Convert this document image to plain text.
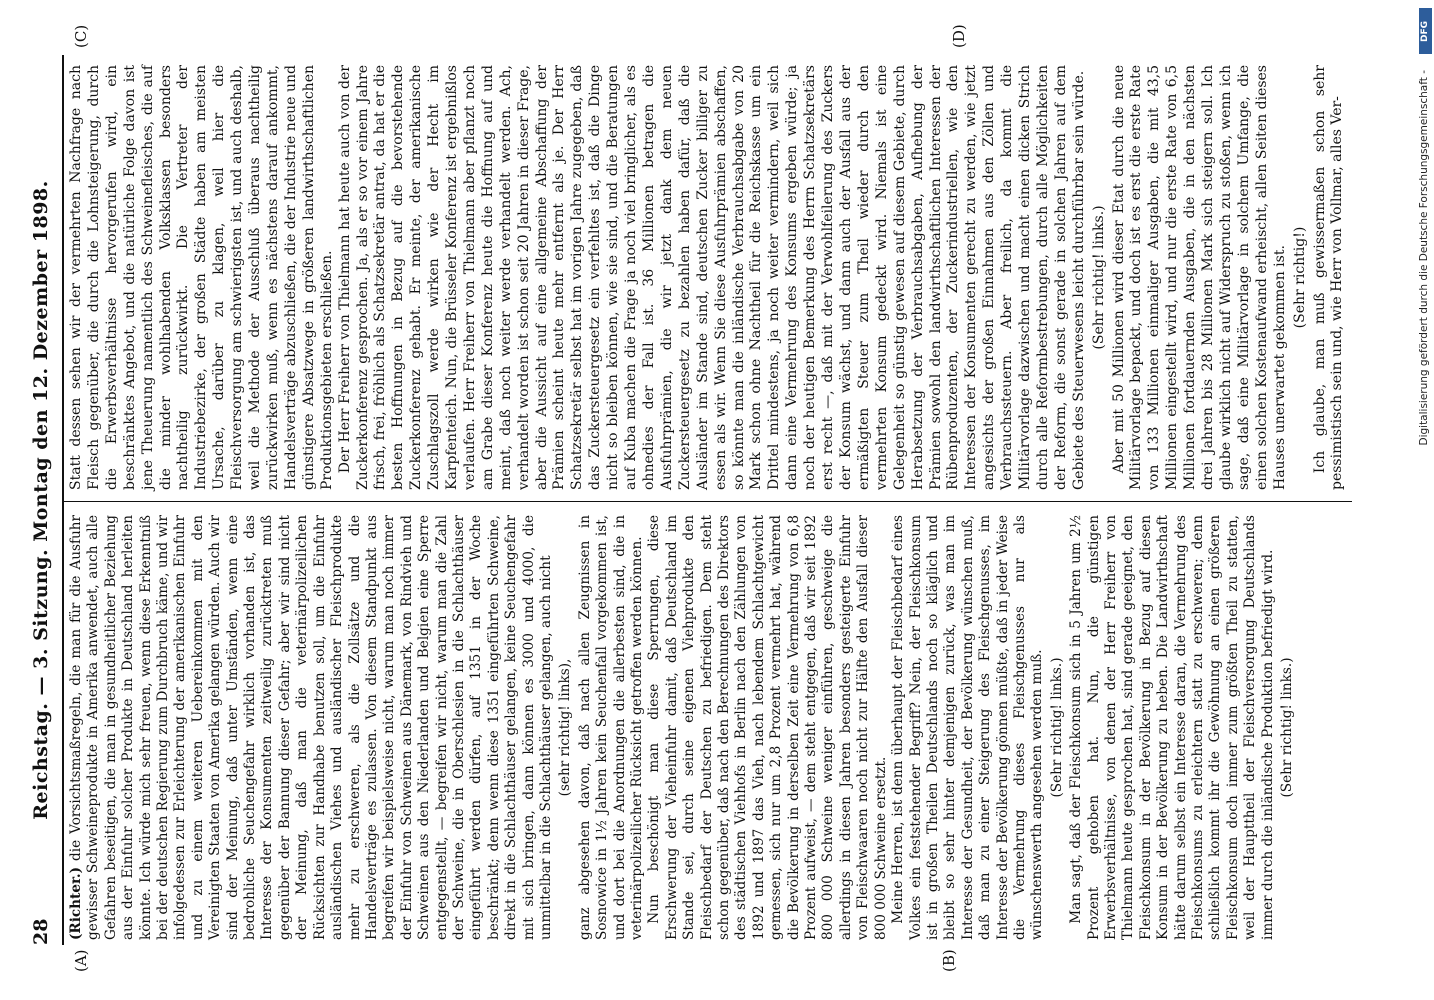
28
Reichstag. — 3. Sitzung. Montag den 12. Dezember 1898.
(A)	(B)
(C)	(D)

(Richter.) die Vorsichtsmaßregeln, die man für die Ausfuhr gewisser Schweineprodukte in Amerika anwendet, auch alle Gefahren beseitigen, die man in gesundheitlicher Beziehung aus der Einfuhr solcher Produkte in Deutschland herleiten könnte. Ich würde mich sehr freuen, wenn diese Erkenntniß bei der deutschen Regierung zum Durchbruch käme, und wir infolgedessen zur Erleichterung der amerikanischen Einfuhr und zu einem weiteren Uebereinkommen mit den Vereinigten Staaten von Amerika gelangen würden. Auch wir sind der Meinung, daß unter Umständen, wenn eine bedrohliche Seuchengefahr wirklich vorhanden ist, das Interesse der Konsumenten zeitweilig zurücktreten muß gegenüber der Bannung dieser Gefahr; aber wir sind nicht der Meinung, daß man die veterinärpolizeilichen Rücksichten zur Handhabe benutzen soll, um die Einfuhr ausländischen Viehes und ausländischer Fleischprodukte mehr zu erschweren, als die Zollsätze und die Handelsverträge es zulassen. Von diesem Standpunkt aus begreifen wir beispielsweise nicht, warum man noch immer der Einfuhr von Schweinen aus Dänemark, von Rindvieh und Schweinen aus den Niederlanden und Belgien eine Sperre entgegenstellt, — begreifen wir nicht, warum man die Zahl der Schweine, die in Oberschlesien in die Schlachthäuser eingeführt werden dürfen, auf 1351 in der Woche beschränkt; denn wenn diese 1351 eingeführten Schweine, direkt in die Schlachthäuser gelangen, keine Seuchengefahr mit sich bringen, dann können es 3000 und 4000, die unmittelbar in die Schlachthäuser gelangen, auch nicht (sehr richtig! links), ganz abgesehen davon, daß nach allen Zeugnissen in Sosnowice in 1½ Jahren kein Seuchenfall vorgekommen ist, und dort bei die Anordnungen die allerbesten sind, die in veterinärpolizeilicher Rücksicht getroffen werden können. Nun beschönigt man diese Sperrungen, diese Erschwerung der Vieheinfuhr damit, daß Deutschland im Stande sei, durch seine eigenen Viehprodukte den Fleischbedarf der Deutschen zu befriedigen. Dem steht schon gegenüber, daß nach den Berechnungen des Direktors des städtischen Viehhofs in Berlin nach den Zählungen von 1892 und 1897 das Vieh, nach lebendem Schlachtgewicht gemessen, sich nur um 2,8 Prozent vermehrt hat, während die Bevölkerung in derselben Zeit eine Vermehrung von 6,8 Prozent aufweist, — dem steht entgegen, daß wir seit 1892 800 000 Schweine weniger einführen, geschweige die allerdings in diesen Jahren besonders gesteigerte Einfuhr von Fleischwaaren noch nicht zur Hälfte den Ausfall dieser 800 000 Schweine ersetzt. Meine Herren, ist denn überhaupt der Fleischbedarf eines Volkes ein feststehender Begriff? Nein, der Fleischkonsum ist in großen Theilen Deutschlands noch so kläglich und bleibt so sehr hinter demjenigen zurück, was man im Interesse der Gesundheit, der Bevölkerung wünschen muß, daß man zu einer Steigerung des Fleischgenusses, im Interesse der Bevölkerung gönnen müßte, daß in jeder Weise die Vermehrung dieses Fleischgenusses nur als wünschenswerth angesehen werden muß. (Sehr richtig! links.) Man sagt, daß der Fleischkonsum sich in 5 Jahren um 2½ Prozent gehoben hat. Nun, die günstigen Erwerbsverhältnisse, von denen der Herr Freiherr von Thielmann heute gesprochen hat, sind gerade geeignet, den Fleischkonsum in der Bevölkerung in Bezug auf diesen Konsum in der Bevölkerung zu heben. Die Landwirthschaft hätte darum selbst ein Interesse daran, die Vermehrung des Fleischkonsums zu erleichtern statt zu erschweren; denn schließlich kommt ihr die Gewöhnung an einen größeren Fleischkonsum doch immer zum größten Theil zu statten, weil der Haupttheil der Fleischversorgung Deutschlands immer durch die inländische Produktion befriedigt wird. (Sehr richtig! links.)

Statt dessen sehen wir der vermehrten Nachfrage nach Fleisch gegenüber, die durch die Lohnsteigerung, durch die Erwerbsverhältnisse hervorgerufen wird, ein beschränktes Angebot, und die natürliche Folge davon ist jene Theuerung namentlich des Schweinefleisches, die auf die minder wohlhabenden Volksklassen besonders nachtheilig zurückwirkt. Die Vertreter der Industriebezirke, der großen Städte haben am meisten Ursache, darüber zu klagen, weil hier die Fleischversorgung am schwierigsten ist, und auch deshalb, weil die Methode der Ausschluß überaus nachtheilig zurückwirken muß, wenn es nächstens darauf ankommt, Handelsverträge abzuschließen, die der Industrie neue und günstigere Absatzwege in größeren landwirthschaftlichen Produktionsgebieten erschließen. Der Herr Freiherr von Thielmann hat heute auch von der Zuckerkonferenz gesprochen. Ja, als er so vor einem Jahre frisch, frei, fröhlich als Schatzsekretär antrat, da hat er die besten Hoffnungen in Bezug auf die bevorstehende Zuckerkonferenz gehabt. Er meinte, der amerikanische Zuschlagszoll werde wirken wie der Hecht im Karpfenteich. Nun, die Brüsseler Konferenz ist ergebnißlos verlaufen. Herr Freiherr von Thielmann aber pflanzt noch am Grabe dieser Konferenz heute die Hoffnung auf und meint, daß noch weiter werde verhandelt werden. Ach, verhandelt worden ist schon seit 20 Jahren in dieser Frage, aber die Aussicht auf eine allgemeine Abschaffung der Prämien scheint heute mehr entfernt als je. Der Herr Schatzsekretär selbst hat im vorigen Jahre zugegeben, daß das Zuckersteuergesetz ein verfehltes ist, daß die Dinge nicht so bleiben können, wie sie sind, und die Beratungen auf Kuba machen die Frage ja noch viel bringlicher, als es ohnedies der Fall ist. 36 Millionen betragen die Ausfuhrprämien, die wir jetzt dank dem neuen Zuckersteuergesetz zu bezahlen haben dafür, daß die Ausländer im Stande sind, deutschen Zucker billiger zu essen als wir. Wenn Sie diese Ausfuhrprämien abschaffen, so könnte man die inländische Verbrauchsabgabe von 20 Mark schon ohne Nachtheil für die Reichskasse um ein Drittel mindestens, ja noch weiter vermindern, weil sich dann eine Vermehrung des Konsums ergeben würde; ja noch der heutigen Bemerkung des Herrn Schatzsekretärs erst recht —, daß mit der Verwohlfeilerung des Zuckers der Konsum wächst, und dann auch der Ausfall aus der ermäßigten Steuer zum Theil wieder durch den vermehrten Konsum gedeckt wird. Niemals ist eine Gelegenheit so günstig gewesen auf diesem Gebiete, durch Herabsetzung der Verbrauchsabgaben, Aufhebung der Prämien sowohl den landwirthschaftlichen Interessen der Rübenproduzenten, der Zuckerindustriellen, wie den Interessen der Konsumenten gerecht zu werden, wie jetzt angesichts der großen Einnahmen aus den Zöllen und Verbrauchssteuern. Aber freilich, da kommt die Militärvorlage dazwischen und macht einen dicken Strich durch alle Reformbestrebungen, durch alle Möglichkeiten der Reform, die sonst gerade in solchen Jahren auf dem Gebiete des Steuerwesens leicht durchführbar sein würde. (Sehr richtig! links.) Aber mit 50 Millionen wird dieser Etat durch die neue Militärvorlage bepackt, und doch ist es erst die erste Rate von 133 Millionen einmaliger Ausgaben, die mit 43,5 Millionen eingestellt wird, und nur die erste Rate von 6,5 Millionen fortdauernden Ausgaben, die in den nächsten drei Jahren bis 28 Millionen Mark sich steigern soll. Ich glaube wirklich nicht auf Widerspruch zu stoßen, wenn ich sage, daß eine Militärvorlage in solchem Umfange, die einen solchen Kostenaufwand erheischt, allen Seiten dieses Hauses unerwartet gekommen ist. (Sehr richtig!) Ich glaube, man muß gewissermaßen schon sehr pessimistisch sein und, wie Herr von Vollmar, alles Ver-

DFG
Digitalisierung gefördert durch die Deutsche Forschungsgemeinschaft -
